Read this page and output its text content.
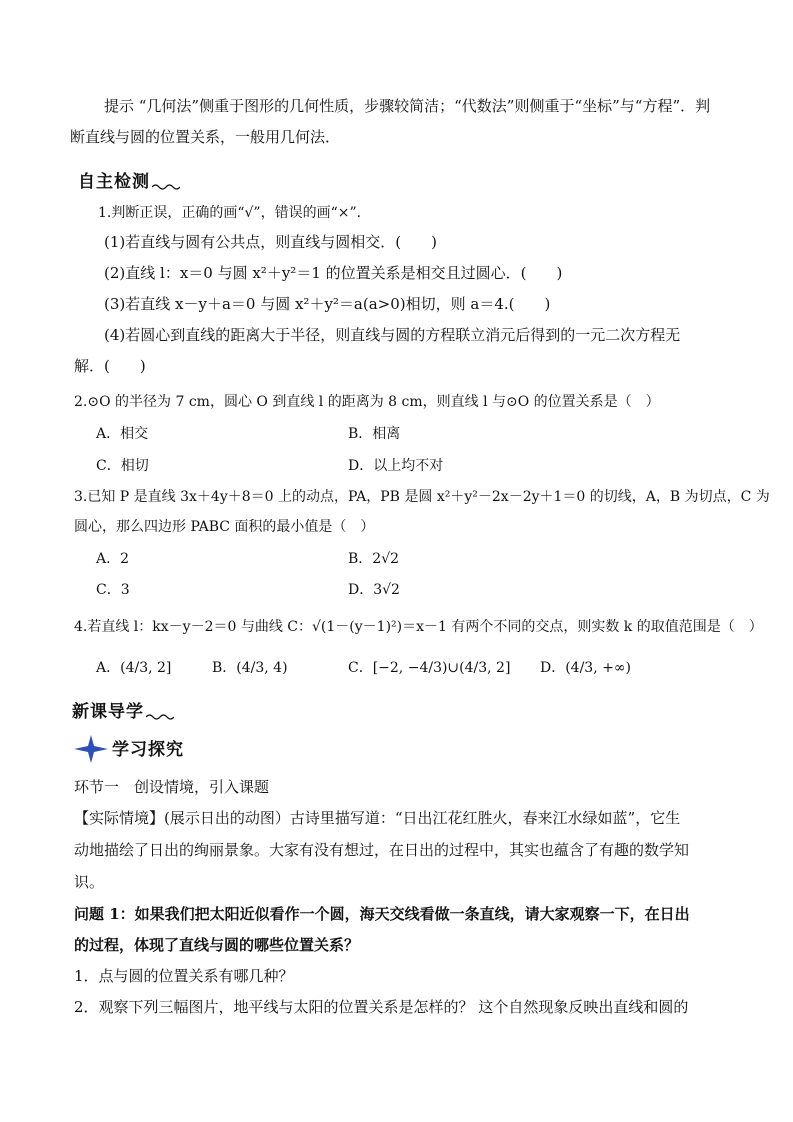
提示 “几何法”侧重于图形的几何性质，步骤较简洁；“代数法”则侧重于“坐标”与“方程”．判
断直线与圆的位置关系，一般用几何法．
自主检测
1.判断正误，正确的画“√”，错误的画“×”．
(1)若直线与圆有公共点，则直线与圆相交．(　　)
(2)直线 l：x＝0 与圆 x²＋y²＝1 的位置关系是相交且过圆心．(　　)
(3)若直线 x－y＋a＝0 与圆 x²＋y²＝a(a>0)相切，则 a＝4.(　　)
(4)若圆心到直线的距离大于半径，则直线与圆的方程联立消元后得到的一元二次方程无
解．(　　)
2.⊙O 的半径为 7 cm，圆心 O 到直线 l 的距离为 8 cm，则直线 l 与⊙O 的位置关系是（　）
A．相交	B．相离
C．相切	D．以上均不对
3.已知 P 是直线 3x＋4y＋8＝0 上的动点，PA，PB 是圆 x²＋y²－2x－2y＋1＝0 的切线，A，B 为切点，C 为
圆心，那么四边形 PABC 面积的最小值是（　）
A．2	B．2√2
C．3	D．3√2
4.若直线 l：kx－y－2＝0 与曲线 C：√(1－(y－1)²)＝x－1 有两个不同的交点，则实数 k 的取值范围是（　）
A．(4/3, 2]	B．(4/3, 4)	C．[−2, −4/3)∪(4/3, 2] D．(4/3, +∞)
新课导学
学习探究
环节一　创设情境，引入课题
【实际情境】(展示日出的动图）古诗里描写道：“日出江花红胜火，春来江水绿如蓝”，它生
动地描绘了日出的绚丽景象。大家有没有想过，在日出的过程中，其实也蕴含了有趣的数学知
识。
问题 1：如果我们把太阳近似看作一个圆，海天交线看做一条直线，请大家观察一下，在日出
的过程，体现了直线与圆的哪些位置关系？
1．点与圆的位置关系有哪几种？
2．观察下列三幅图片，地平线与太阳的位置关系是怎样的？ 这个自然现象反映出直线和圆的
